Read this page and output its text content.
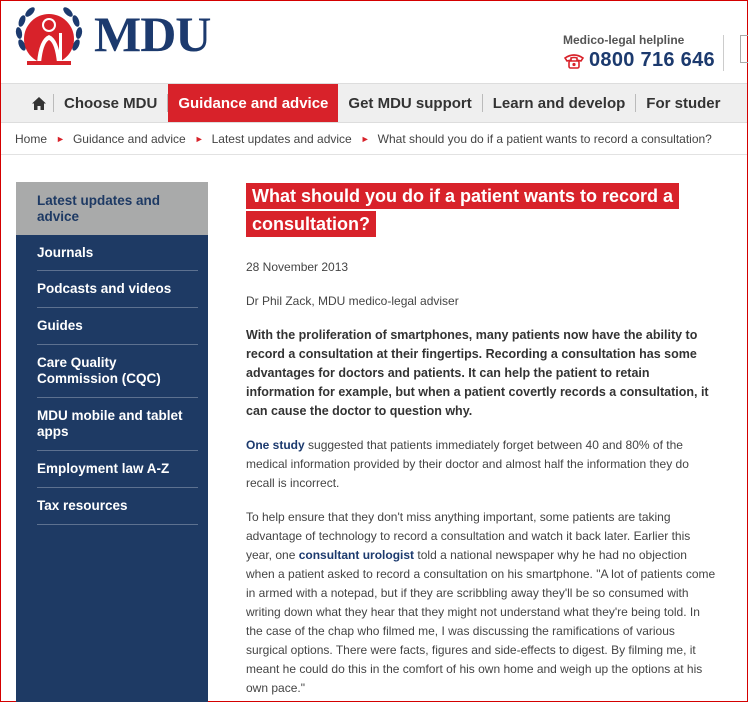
MDU	Medico-legal helpline
0800 716 646
Choose MDU	Guidance and advice	Get MDU support	Learn and develop	For studer
Home ► Guidance and advice ► Latest updates and advice ► What should you do if a patient wants to record a consultation?
Latest updates and advice
Journals
Podcasts and videos
Guides
Care Quality Commission (CQC)
MDU mobile and tablet apps
Employment law A-Z
Tax resources
What should you do if a patient wants to record a
consultation?
28 November 2013
Dr Phil Zack, MDU medico-legal adviser
With the proliferation of smartphones, many patients now have the ability to record a consultation at their fingertips. Recording a consultation has some advantages for doctors and patients. It can help the patient to retain information for example, but when a patient covertly records a consultation, it can cause the doctor to question why.
One study suggested that patients immediately forget between 40 and 80% of the medical information provided by their doctor and almost half the information they do recall is incorrect.
To help ensure that they don't miss anything important, some patients are taking advantage of technology to record a consultation and watch it back later. Earlier this year, one consultant urologist told a national newspaper why he had no objection when a patient asked to record a consultation on his smartphone. "A lot of patients come in armed with a notepad, but if they are scribbling away they'll be so consumed with writing down what they hear that they might not understand what they're being told. In the case of the chap who filmed me, I was discussing the ramifications of various surgical options. There were facts, figures and side-effects to digest. By filming me, it meant he could do this in the comfort of his own home and weigh up the options at his own pace."
